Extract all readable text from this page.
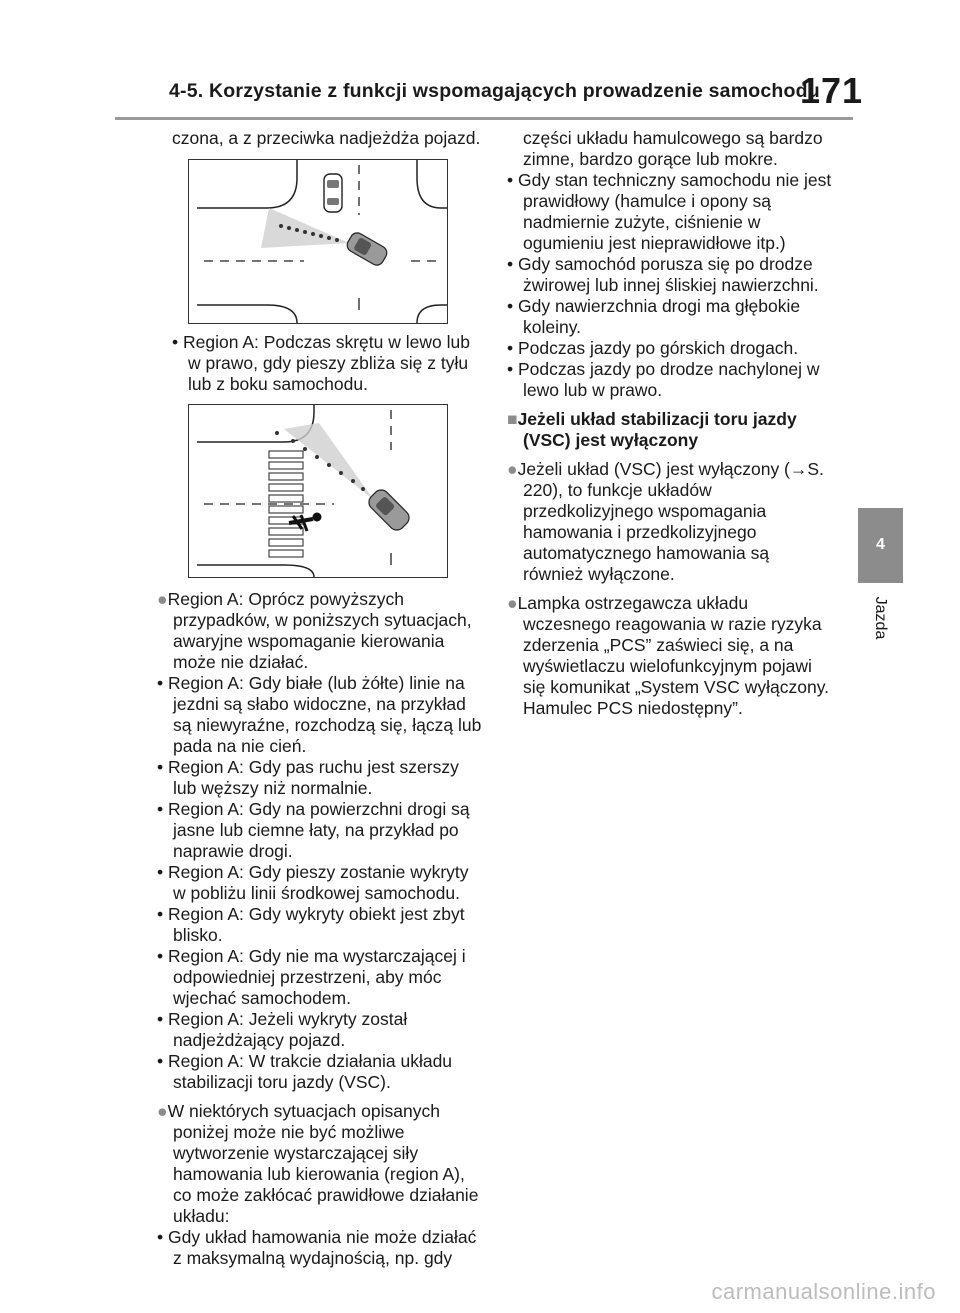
4-5. Korzystanie z funkcji wspomagających prowadzenie samochodu
171
4
Jazda

czona, a z przeciwka nadjeżdża pojazd.

• Region A: Podczas skrętu w lewo lub w prawo, gdy pieszy zbliża się z tyłu lub z boku samochodu.

●Region A: Oprócz powyższych przypadków, w poniższych sytuacjach, awaryjne wspomaganie kierowania może nie działać.

• Region A: Gdy białe (lub żółte) linie na jezdni są słabo widoczne, na przykład są niewyraźne, rozchodzą się, łączą lub pada na nie cień.

• Region A: Gdy pas ruchu jest szerszy lub węższy niż normalnie.

• Region A: Gdy na powierzchni drogi są jasne lub ciemne łaty, na przykład po naprawie drogi.

• Region A: Gdy pieszy zostanie wykryty w pobliżu linii środkowej samochodu.

• Region A: Gdy wykryty obiekt jest zbyt blisko.

• Region A: Gdy nie ma wystarczającej i odpowiedniej przestrzeni, aby móc wjechać samochodem.

• Region A: Jeżeli wykryty został nadjeżdżający pojazd.

• Region A: W trakcie działania układu stabilizacji toru jazdy (VSC).

●W niektórych sytuacjach opisanych poniżej może nie być możliwe wytworzenie wystarczającej siły hamowania lub kierowania (region A), co może zakłócać prawidłowe działanie układu:

• Gdy układ hamowania nie może działać z maksymalną wydajnością, np. gdy

części układu hamulcowego są bardzo zimne, bardzo gorące lub mokre.

• Gdy stan techniczny samochodu nie jest prawidłowy (hamulce i opony są nadmiernie zużyte, ciśnienie w ogumieniu jest nieprawidłowe itp.)

• Gdy samochód porusza się po drodze żwirowej lub innej śliskiej nawierzchni.

• Gdy nawierzchnia drogi ma głębokie koleiny.

• Podczas jazdy po górskich drogach.

• Podczas jazdy po drodze nachylonej w lewo lub w prawo.

■Jeżeli układ stabilizacji toru jazdy (VSC) jest wyłączony

●Jeżeli układ (VSC) jest wyłączony (→S. 220), to funkcje układów przedkolizyjnego wspomagania hamowania i przedkolizyjnego automatycznego hamowania są również wyłączone.

●Lampka ostrzegawcza układu wczesnego reagowania w razie ryzyka zderzenia „PCS” zaświeci się, a na wyświetlaczu wielofunkcyjnym pojawi się komunikat „System VSC wyłączony. Hamulec PCS niedostępny”.

carmanualsonline.info
